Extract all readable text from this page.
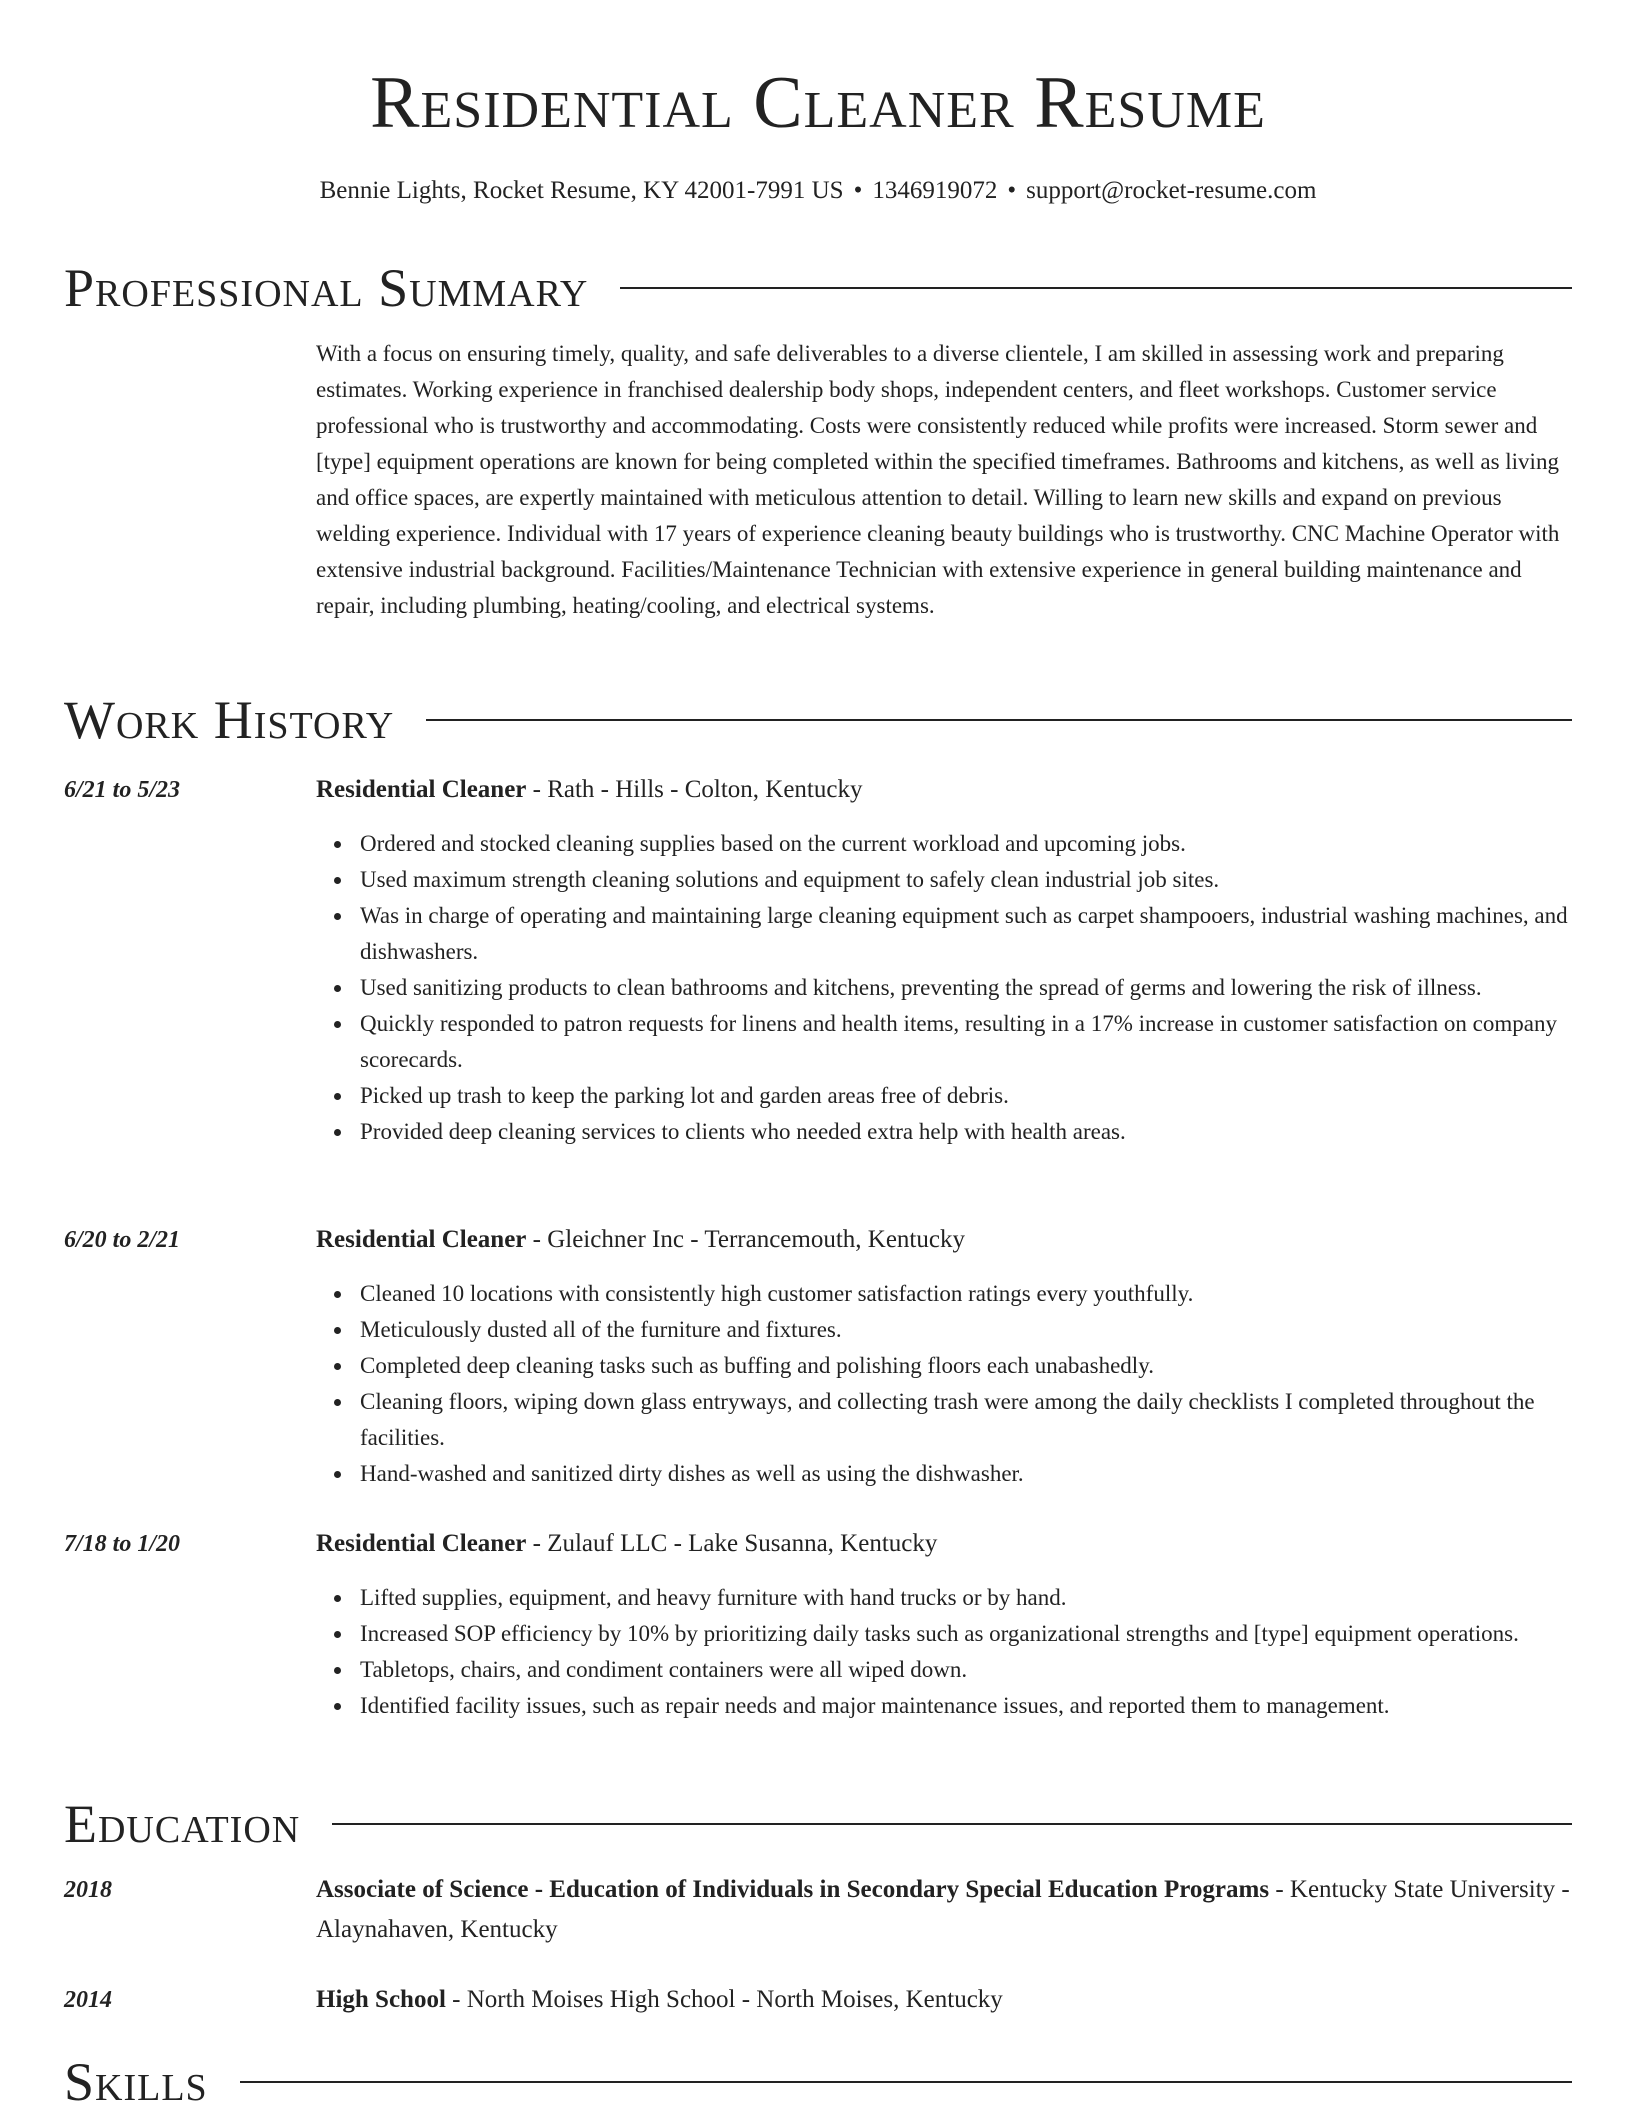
Residential Cleaner Resume
Bennie Lights, Rocket Resume, KY 42001-7991 US • 1346919072 • support@rocket-resume.com
Professional Summary
With a focus on ensuring timely, quality, and safe deliverables to a diverse clientele, I am skilled in assessing work and preparing estimates. Working experience in franchised dealership body shops, independent centers, and fleet workshops. Customer service professional who is trustworthy and accommodating. Costs were consistently reduced while profits were increased. Storm sewer and [type] equipment operations are known for being completed within the specified timeframes. Bathrooms and kitchens, as well as living and office spaces, are expertly maintained with meticulous attention to detail. Willing to learn new skills and expand on previous welding experience. Individual with 17 years of experience cleaning beauty buildings who is trustworthy. CNC Machine Operator with extensive industrial background. Facilities/Maintenance Technician with extensive experience in general building maintenance and repair, including plumbing, heating/cooling, and electrical systems.
Work History
6/21 to 5/23	Residential Cleaner - Rath - Hills - Colton, Kentucky
Ordered and stocked cleaning supplies based on the current workload and upcoming jobs.
Used maximum strength cleaning solutions and equipment to safely clean industrial job sites.
Was in charge of operating and maintaining large cleaning equipment such as carpet shampooers, industrial washing machines, and dishwashers.
Used sanitizing products to clean bathrooms and kitchens, preventing the spread of germs and lowering the risk of illness.
Quickly responded to patron requests for linens and health items, resulting in a 17% increase in customer satisfaction on company scorecards.
Picked up trash to keep the parking lot and garden areas free of debris.
Provided deep cleaning services to clients who needed extra help with health areas.
6/20 to 2/21	Residential Cleaner - Gleichner Inc - Terrancemouth, Kentucky
Cleaned 10 locations with consistently high customer satisfaction ratings every youthfully.
Meticulously dusted all of the furniture and fixtures.
Completed deep cleaning tasks such as buffing and polishing floors each unabashedly.
Cleaning floors, wiping down glass entryways, and collecting trash were among the daily checklists I completed throughout the facilities.
Hand-washed and sanitized dirty dishes as well as using the dishwasher.
7/18 to 1/20	Residential Cleaner - Zulauf LLC - Lake Susanna, Kentucky
Lifted supplies, equipment, and heavy furniture with hand trucks or by hand.
Increased SOP efficiency by 10% by prioritizing daily tasks such as organizational strengths and [type] equipment operations.
Tabletops, chairs, and condiment containers were all wiped down.
Identified facility issues, such as repair needs and major maintenance issues, and reported them to management.
Education
2018	Associate of Science - Education of Individuals in Secondary Special Education Programs - Kentucky State University - Alaynahaven, Kentucky
2014	High School - North Moises High School - North Moises, Kentucky
Skills
